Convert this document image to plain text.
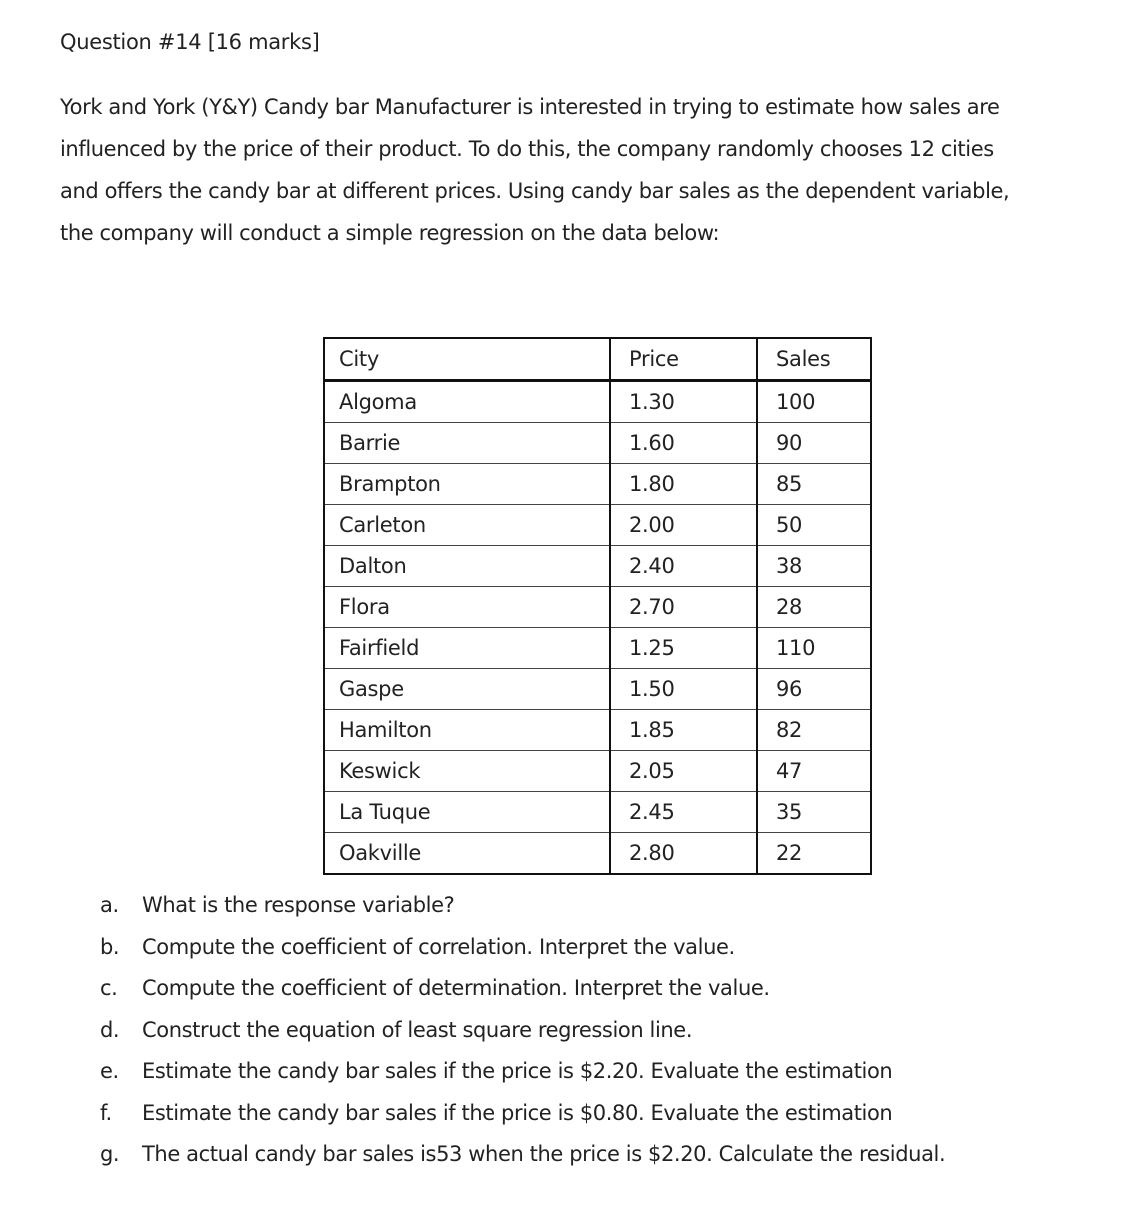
Question #14 [16 marks]

York and York (Y&Y) Candy bar Manufacturer is interested in trying to estimate how sales are
influenced by the price of their product. To do this, the company randomly chooses 12 cities
and offers the candy bar at different prices. Using candy bar sales as the dependent variable,
the company will conduct a simple regression on the data below:

City	Price	Sales
Algoma	1.30	100
Barrie	1.60	90
Brampton	1.80	85
Carleton	2.00	50
Dalton	2.40	38
Flora	2.70	28
Fairfield	1.25	110
Gaspe	1.50	96
Hamilton	1.85	82
Keswick	2.05	47
La Tuque	2.45	35
Oakville	2.80	22
a.	What is the response variable?
b.	Compute the coefficient of correlation. Interpret the value.
c.	Compute the coefficient of determination. Interpret the value.
d.	Construct the equation of least square regression line.
e.	Estimate the candy bar sales if the price is $2.20. Evaluate the estimation
f.	Estimate the candy bar sales if the price is $0.80. Evaluate the estimation
g.	The actual candy bar sales is53 when the price is $2.20. Calculate the residual.
